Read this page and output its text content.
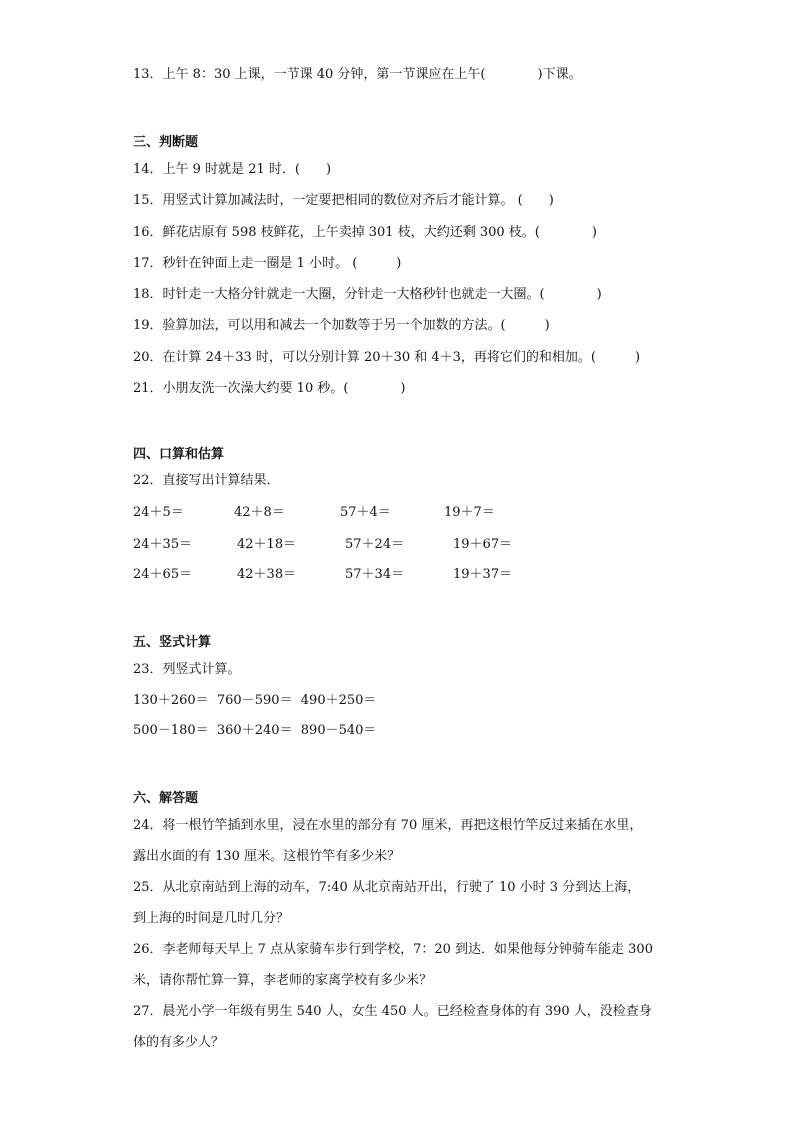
13．上午 8：30 上课，一节课 40 分钟，第一节课应在上午(　　　　)下课。
三、判断题
14．上午 9 时就是 21 时．(　　)
15．用竖式计算加减法时，一定要把相同的数位对齐后才能计算。 (　　)
16．鲜花店原有 598 枝鲜花，上午卖掉 301 枝，大约还剩 300 枝。(　　　　)
17．秒针在钟面上走一圈是 1 小时。 (　　　)
18．时针走一大格分针就走一大圈，分针走一大格秒针也就走一大圈。(　　　　)
19．验算加法，可以用和减去一个加数等于另一个加数的方法。(　　　)
20．在计算 24＋33 时，可以分别计算 20＋30 和 4＋3，再将它们的和相加。(　　　)
21．小朋友洗一次澡大约要 10 秒。(　　　　)
四、口算和估算
22．直接写出计算结果．
24＋5＝	42＋8＝	57＋4＝	19＋7＝
24＋35＝	42＋18＝	57＋24＝	19＋67＝
24＋65＝	42＋38＝	57＋34＝	19＋37＝
五、竖式计算
23．列竖式计算。
130＋260＝  760－590＝  490＋250＝
500－180＝  360＋240＝  890－540＝
六、解答题
24．将一根竹竿插到水里，浸在水里的部分有 70 厘米，再把这根竹竿反过来插在水里，
露出水面的有 130 厘米。这根竹竿有多少米？
25．从北京南站到上海的动车，7:40 从北京南站开出，行驶了 10 小时 3 分到达上海，
到上海的时间是几时几分？
26．李老师每天早上 7 点从家骑车步行到学校，7：20 到达．如果他每分钟骑车能走 300
米，请你帮忙算一算，李老师的家离学校有多少米？
27．晨光小学一年级有男生 540 人，女生 450 人。已经检查身体的有 390 人，没检查身
体的有多少人？
